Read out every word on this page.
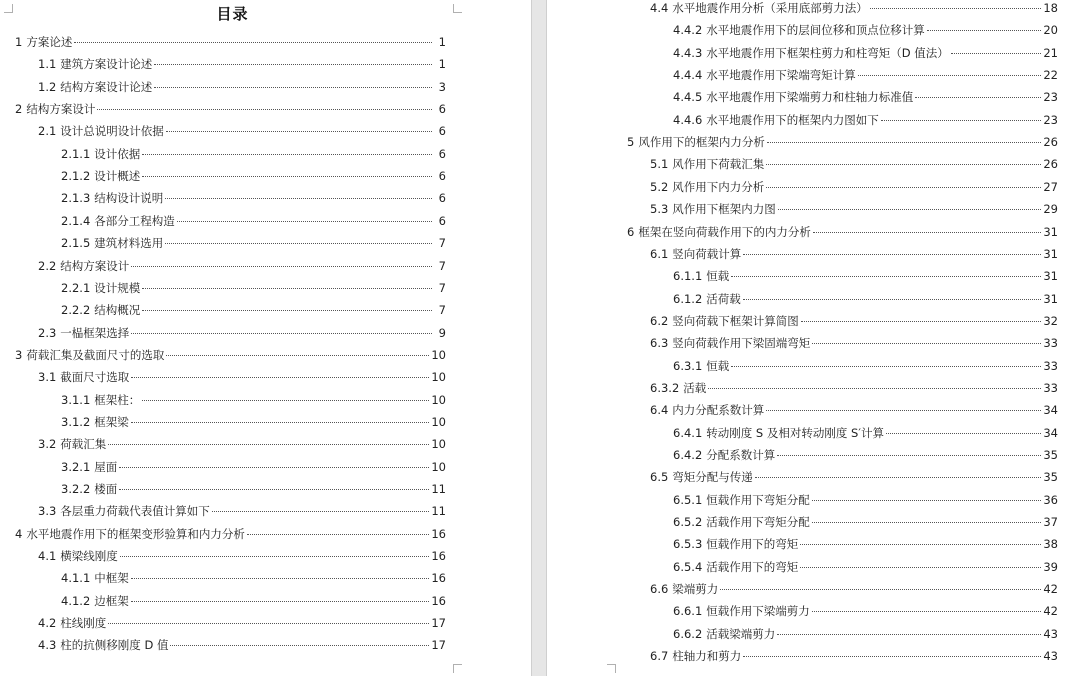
目录
1 方案论述	1
1.1 建筑方案设计论述	1
1.2 结构方案设计论述	3
2 结构方案设计	6
2.1 设计总说明设计依据	6
2.1.1 设计依据	6
2.1.2 设计概述	6
2.1.3 结构设计说明	6
2.1.4 各部分工程构造	6
2.1.5 建筑材料选用	7
2.2 结构方案设计	7
2.2.1 设计规模	7
2.2.2 结构概况	7
2.3 一榀框架选择	9
3 荷载汇集及截面尺寸的选取	10
3.1 截面尺寸选取	10
3.1.1 框架柱：	10
3.1.2 框架梁	10
3.2 荷载汇集	10
3.2.1 屋面	10
3.2.2 楼面	11
3.3 各层重力荷载代表值计算如下	11
4 水平地震作用下的框架变形验算和内力分析	16
4.1 横梁线刚度	16
4.1.1 中框架	16
4.1.2 边框架	16
4.2 柱线刚度	17
4.3 柱的抗侧移刚度 D 值	17
4.4 水平地震作用分析（采用底部剪力法）	18
4.4.2 水平地震作用下的层间位移和顶点位移计算	20
4.4.3 水平地震作用下框架柱剪力和柱弯矩（D 值法）	21
4.4.4 水平地震作用下梁端弯矩计算	22
4.4.5 水平地震作用下梁端剪力和柱轴力标准值	23
4.4.6 水平地震作用下的框架内力图如下	23
5 风作用下的框架内力分析	26
5.1 风作用下荷载汇集	26
5.2 风作用下内力分析	27
5.3 风作用下框架内力图	29
6 框架在竖向荷载作用下的内力分析	31
6.1 竖向荷载计算	31
6.1.1 恒载	31
6.1.2 活荷载	31
6.2 竖向荷载下框架计算简图	32
6.3 竖向荷载作用下梁固端弯矩	33
6.3.1 恒载	33
6.3.2 活载	33
6.4 内力分配系数计算	34
6.4.1 转动刚度 S 及相对转动刚度 S′计算	34
6.4.2 分配系数计算	35
6.5 弯矩分配与传递	35
6.5.1 恒载作用下弯矩分配	36
6.5.2 活载作用下弯矩分配	37
6.5.3 恒载作用下的弯矩	38
6.5.4 活载作用下的弯矩	39
6.6 梁端剪力	42
6.6.1 恒载作用下梁端剪力	42
6.6.2 活载梁端剪力	43
6.7 柱轴力和剪力	43
